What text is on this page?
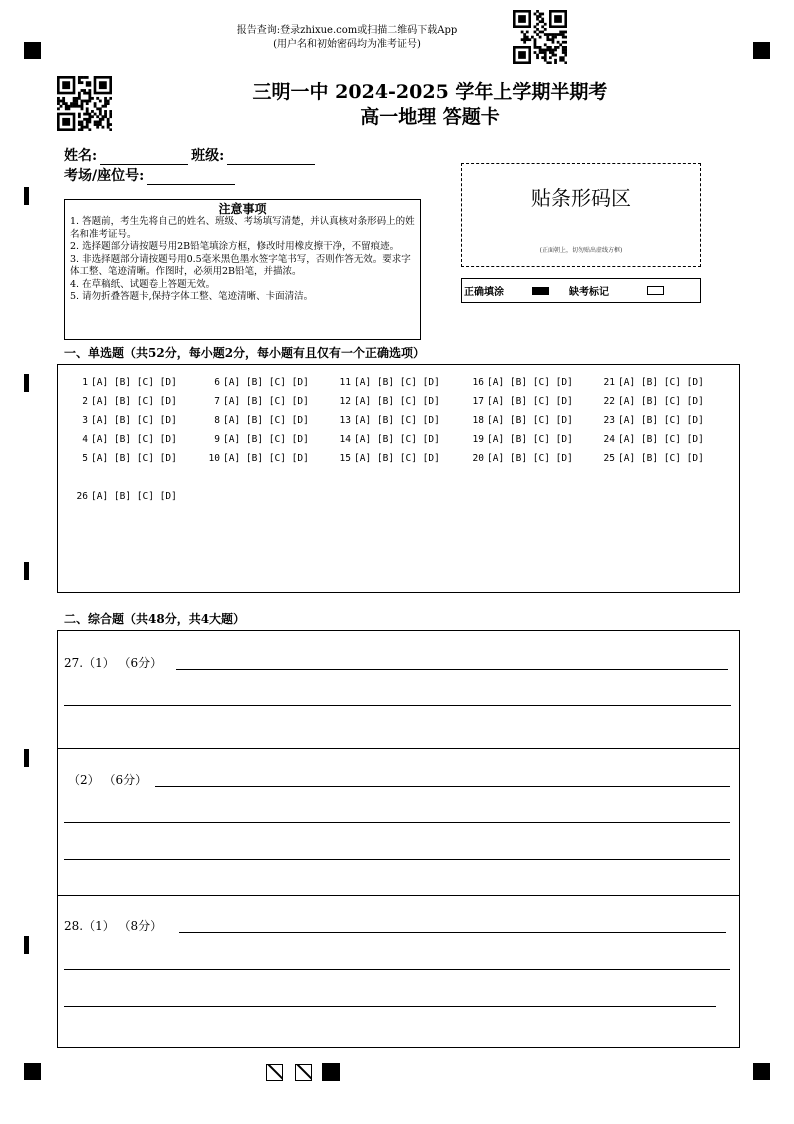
报告查询:登录zhixue.com或扫描二维码下载App
(用户名和初始密码均为准考证号)
三明一中 2024-2025 学年上学期半期考
高一地理 答题卡
姓名:	班级:
考场/座位号:
注意事项
1. 答题前，考生先将自己的姓名、班级、考场填写清楚，并认真核对条形码上的姓名和准考证号。
2. 选择题部分请按题号用2B铅笔填涂方框，修改时用橡皮擦干净，不留痕迹。
3. 非选择题部分请按题号用0.5毫米黑色墨水签字笔书写，否则作答无效。要求字体工整、笔迹清晰。作图时，必须用2B铅笔，并描浓。
4. 在草稿纸、试题卷上答题无效。
5. 请勿折叠答题卡,保持字体工整、笔迹清晰、卡面清洁。
贴条形码区
(正面朝上，切勿贴出虚线方框)
正确填涂	缺考标记
一、单选题（共52分，每小题2分，每小题有且仅有一个正确选项）
1 [A] [B] [C] [D]
2 [A] [B] [C] [D]
3 [A] [B] [C] [D]
4 [A] [B] [C] [D]
5 [A] [B] [C] [D]
6 [A] [B] [C] [D]
7 [A] [B] [C] [D]
8 [A] [B] [C] [D]
9 [A] [B] [C] [D]
10 [A] [B] [C] [D]
11 [A] [B] [C] [D]
12 [A] [B] [C] [D]
13 [A] [B] [C] [D]
14 [A] [B] [C] [D]
15 [A] [B] [C] [D]
16 [A] [B] [C] [D]
17 [A] [B] [C] [D]
18 [A] [B] [C] [D]
19 [A] [B] [C] [D]
20 [A] [B] [C] [D]
21 [A] [B] [C] [D]
22 [A] [B] [C] [D]
23 [A] [B] [C] [D]
24 [A] [B] [C] [D]
25 [A] [B] [C] [D]
26 [A] [B] [C] [D]
二、综合题（共48分，共4大题）
27.（1） （6分）
（2） （6分）
28.（1） （8分）
